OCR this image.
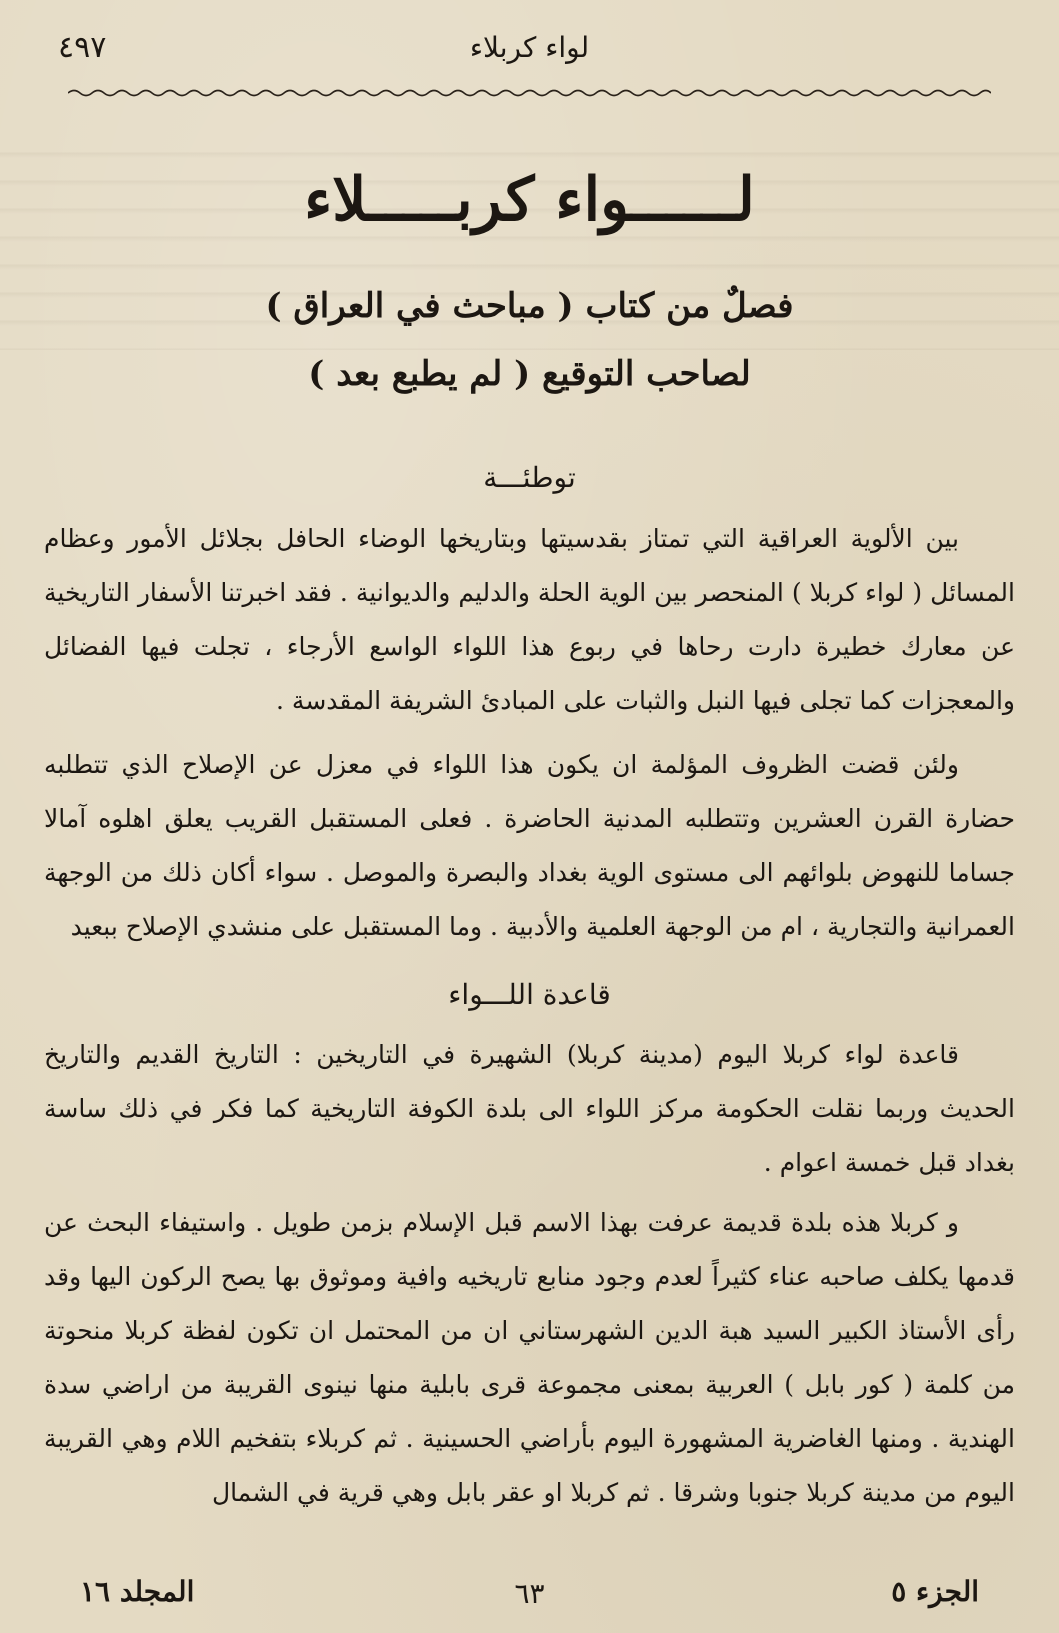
٤٩٧	لواء كربلاء
لــــــواء كربـــــلاء
فصلٌ من كتاب ( مباحث في العراق )
لصاحب التوقيع ( لم يطبع بعد )
توطئـــة

بين الألوية العراقية التي تمتاز بقدسيتها وبتاريخها الوضاء الحافل بجلائل الأمور وعظام المسائل ( لواء كربلا ) المنحصر بين الوية الحلة والدليم والديوانية . فقد اخبرتنا الأسفار التاريخية عن معارك خطيرة دارت رحاها في ربوع هذا اللواء الواسع الأرجاء ، تجلت فيها الفضائل والمعجزات كما تجلى فيها النبل والثبات على المبادئ الشريفة المقدسة .

ولئن قضت الظروف المؤلمة ان يكون هذا اللواء في معزل عن الإصلاح الذي تتطلبه حضارة القرن العشرين وتتطلبه المدنية الحاضرة . فعلى المستقبل القريب يعلق اهلوه آمالا جساما للنهوض بلوائهم الى مستوى الوية بغداد والبصرة والموصل . سواء أكان ذلك من الوجهة العمرانية والتجارية ، ام من الوجهة العلمية والأدبية . وما المستقبل على منشدي الإصلاح ببعيد

قاعدة اللـــواء

قاعدة لواء كربلا اليوم (مدينة كربلا) الشهيرة في التاريخين : التاريخ القديم والتاريخ الحديث وربما نقلت الحكومة مركز اللواء الى بلدة الكوفة التاريخية كما فكر في ذلك ساسة بغداد قبل خمسة اعوام .

و كربلا هذه بلدة قديمة عرفت بهذا الاسم قبل الإسلام بزمن طويل . واستيفاء البحث عن قدمها يكلف صاحبه عناء كثيراً لعدم وجود منابع تاريخيه وافية وموثوق بها يصح الركون اليها وقد رأى الأستاذ الكبير السيد هبة الدين الشهرستاني ان من المحتمل ان تكون لفظة كربلا منحوتة من كلمة ( كور بابل ) العربية بمعنى مجموعة قرى بابلية منها نينوى القريبة من اراضي سدة الهندية . ومنها الغاضرية المشهورة اليوم بأراضي الحسينية . ثم كربلاء بتفخيم اللام وهي القريبة اليوم من مدينة كربلا جنوبا وشرقا . ثم كربلا او عقر بابل وهي قرية في الشمال

المجلد ١٦	٦٣	الجزء ٥
